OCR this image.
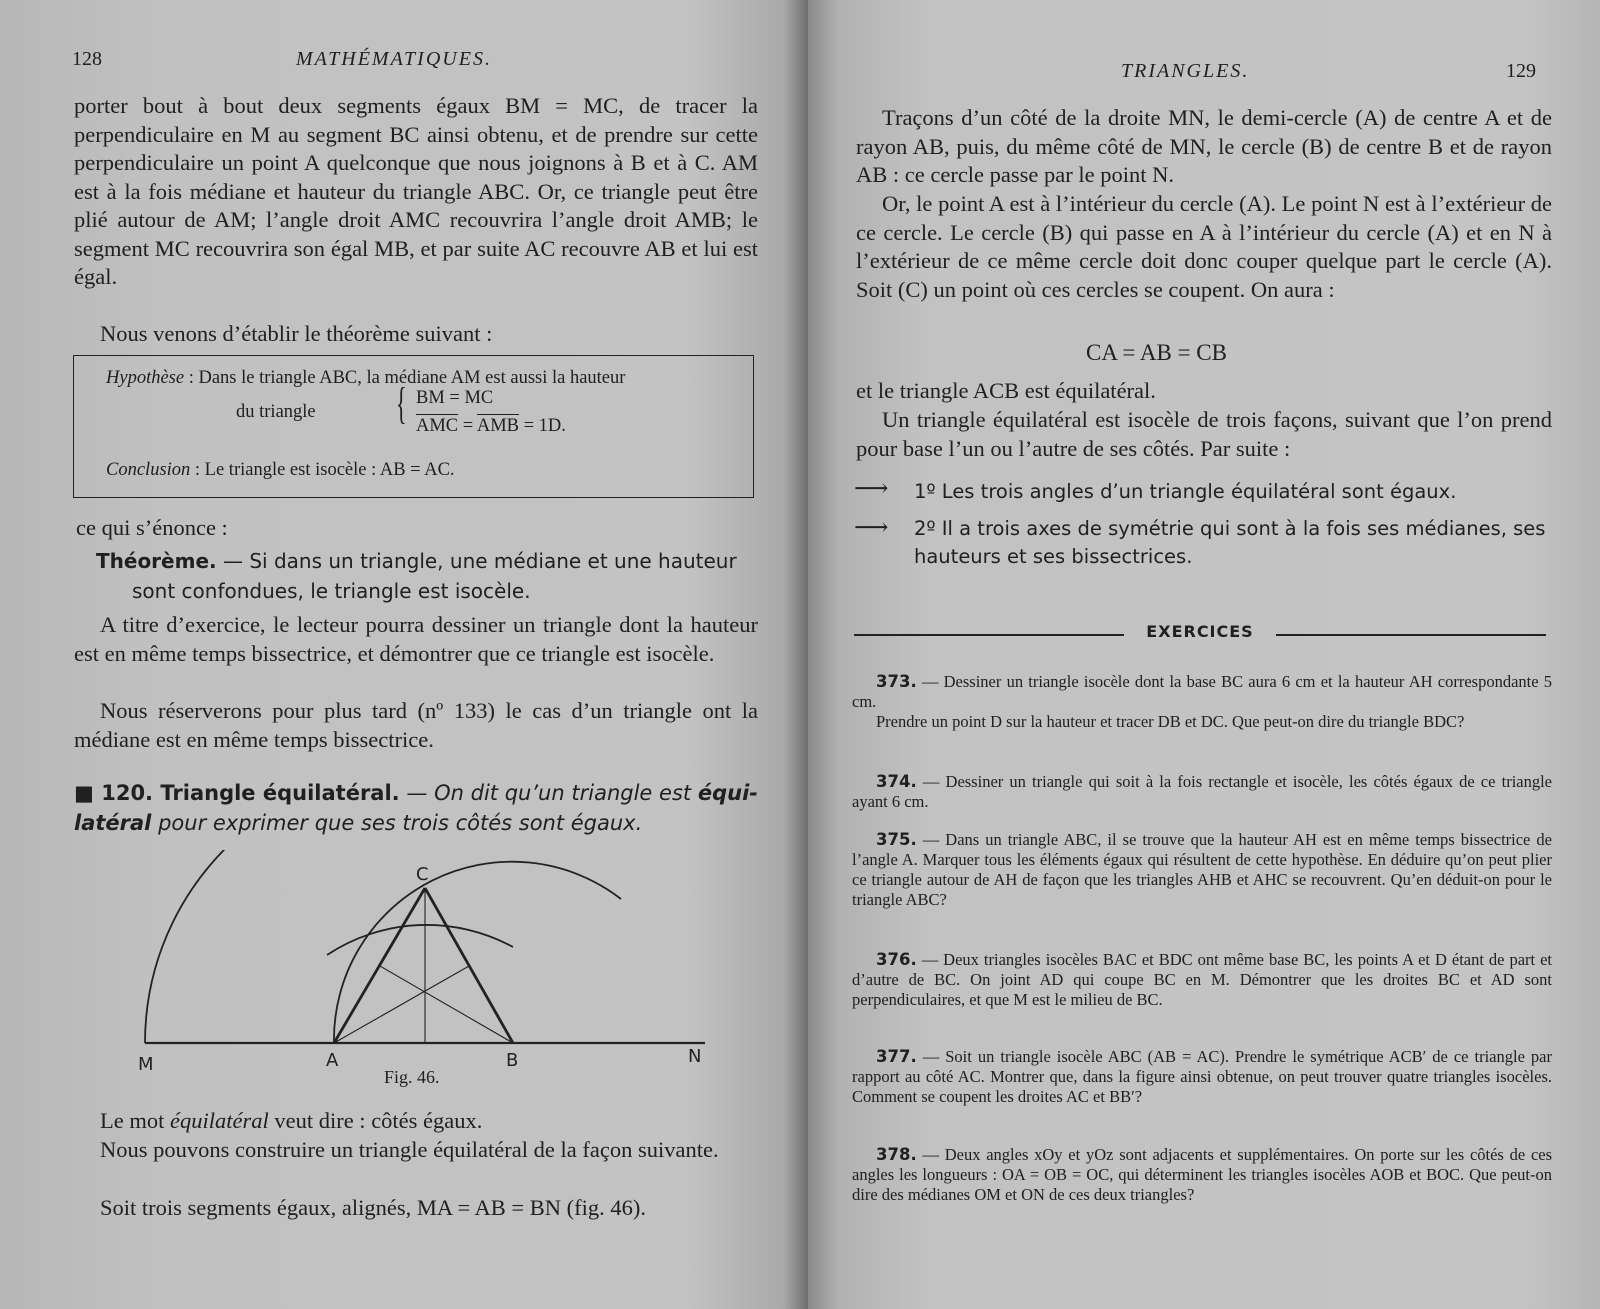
128	MATHÉMATIQUES.

porter bout à bout deux segments égaux BM = MC, de tracer la perpendiculaire en M au segment BC ainsi obtenu, et de prendre sur cette perpendiculaire un point A quelconque que nous joignons à B et à C. AM est à la fois médiane et hauteur du triangle ABC. Or, ce triangle peut être plié autour de AM; l’angle droit AMC recouvrira l’angle droit AMB; le segment MC recouvrira son égal MB, et par suite AC recouvre AB et lui est égal.

Nous venons d’établir le théorème suivant :

Hypothèse : Dans le triangle ABC, la médiane AM est aussi la hauteur
du triangle { BM = MC
AMC = AMB = 1D.
Conclusion : Le triangle est isocèle : AB = AC.

ce qui s’énonce :

Théorème. — Si dans un triangle, une médiane et une hauteur sont confondues, le triangle est isocèle.

A titre d’exercice, le lecteur pourra dessiner un triangle dont la hauteur est en même temps bissectrice, et démontrer que ce triangle est isocèle.

Nous réserverons pour plus tard (nº 133) le cas d’un triangle ont la médiane est en même temps bissectrice.

■ 120. Triangle équilatéral. — On dit qu’un triangle est équi- latéral pour exprimer que ses trois côtés sont égaux.
C
M	A	B	N
Fig. 46.

Le mot équilatéral veut dire : côtés égaux.

Nous pouvons construire un triangle équilatéral de la façon suivante.

Soit trois segments égaux, alignés, MA = AB = BN (fig. 46).

TRIANGLES.	129

Traçons d’un côté de la droite MN, le demi-cercle (A) de centre A et de rayon AB, puis, du même côté de MN, le cercle (B) de centre B et de rayon AB : ce cercle passe par le point N.

Or, le point A est à l’intérieur du cercle (A). Le point N est à l’extérieur de ce cercle. Le cercle (B) qui passe en A à l’intérieur du cercle (A) et en N à l’extérieur de ce même cercle doit donc couper quelque part le cercle (A). Soit (C) un point où ces cercles se coupent. On aura :

CA = AB = CB

et le triangle ACB est équilatéral.

Un triangle équilatéral est isocèle de trois façons, suivant que l’on prend pour base l’un ou l’autre de ses côtés. Par suite :

⟶ 1º Les trois angles d’un triangle équilatéral sont égaux.
⟶ 2º Il a trois axes de symétrie qui sont à la fois ses médianes, ses hauteurs et ses bissectrices.
EXERCICES

373. — Dessiner un triangle isocèle dont la base BC aura 6 cm et la hauteur AH correspondante 5 cm.

Prendre un point D sur la hauteur et tracer DB et DC. Que peut-on dire du triangle BDC?

374. — Dessiner un triangle qui soit à la fois rectangle et isocèle, les côtés égaux de ce triangle ayant 6 cm.

375. — Dans un triangle ABC, il se trouve que la hauteur AH est en même temps bissectrice de l’angle A. Marquer tous les éléments égaux qui résultent de cette hypothèse. En déduire qu’on peut plier ce triangle autour de AH de façon que les triangles AHB et AHC se recouvrent. Qu’en déduit-on pour le triangle ABC?

376. — Deux triangles isocèles BAC et BDC ont même base BC, les points A et D étant de part et d’autre de BC. On joint AD qui coupe BC en M. Démontrer que les droites BC et AD sont perpendiculaires, et que M est le milieu de BC.

377. — Soit un triangle isocèle ABC (AB = AC). Prendre le symétrique ACB′ de ce triangle par rapport au côté AC. Montrer que, dans la figure ainsi obtenue, on peut trouver quatre triangles isocèles. Comment se coupent les droites AC et BB′?

378. — Deux angles xOy et yOz sont adjacents et supplémentaires. On porte sur les côtés de ces angles les longueurs : OA = OB = OC, qui déterminent les triangles isocèles AOB et BOC. Que peut-on dire des médianes OM et ON de ces deux triangles?
